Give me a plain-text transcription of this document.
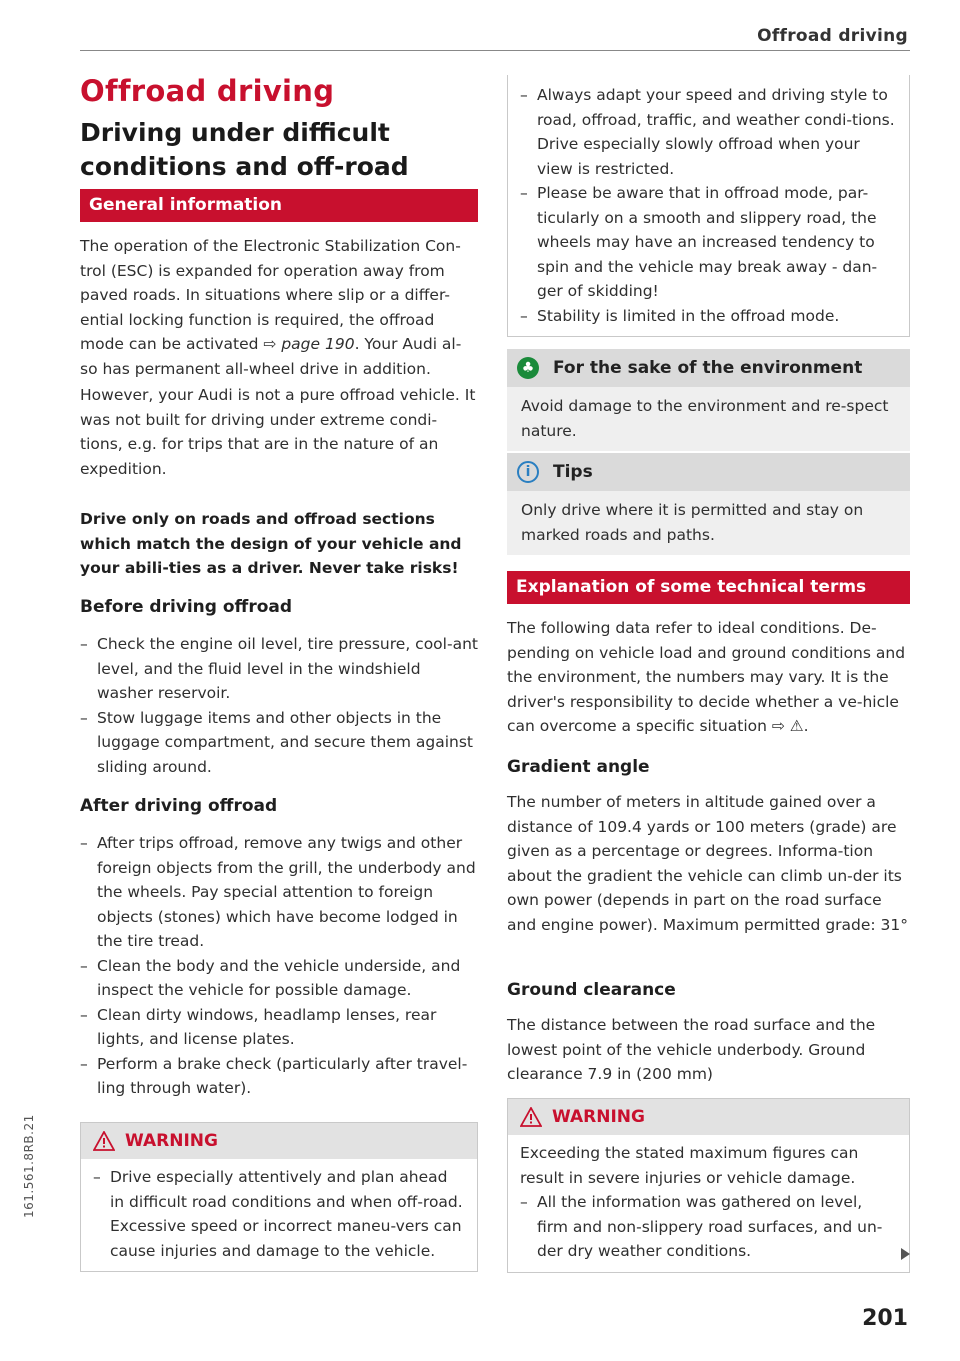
Offroad driving
Offroad driving
Driving under difficult
conditions and off-road
General information

The operation of the Electronic Stabilization Con-trol (ESC) is expanded for operation away from paved roads. In situations where slip or a differ-ential locking function is required, the offroad mode can be activated ⇨ page 190. Your Audi al-so has permanent all-wheel drive in addition.

However, your Audi is not a pure offroad vehicle. It was not built for driving under extreme condi-tions, e.g. for trips that are in the nature of an expedition.

Drive only on roads and offroad sections which match the design of your vehicle and your abili-ties as a driver. Never take risks!

Before driving offroad
– Check the engine oil level, tire pressure, cool-ant level, and the fluid level in the windshield washer reservoir.
– Stow luggage items and other objects in the luggage compartment, and secure them against sliding around.
After driving offroad
– After trips offroad, remove any twigs and other foreign objects from the grill, the underbody and the wheels. Pay special attention to foreign objects (stones) which have become lodged in the tire tread.
– Clean the body and the vehicle underside, and inspect the vehicle for possible damage.
– Clean dirty windows, headlamp lenses, rear lights, and license plates.
– Perform a brake check (particularly after travel-ling through water).
WARNING
– Drive especially attentively and plan ahead in difficult road conditions and when off-road. Excessive speed or incorrect maneu-vers can cause injuries and damage to the vehicle.
– Always adapt your speed and driving style to road, offroad, traffic, and weather condi-tions. Drive especially slowly offroad when your view is restricted.
– Please be aware that in offroad mode, par-ticularly on a smooth and slippery road, the wheels may have an increased tendency to spin and the vehicle may break away - dan-ger of skidding!
– Stability is limited in the offroad mode.
♣ For the sake of the environment
Avoid damage to the environment and re-spect nature.
i	Tips
Only drive where it is permitted and stay on marked roads and paths.
Explanation of some technical terms

The following data refer to ideal conditions. De-pending on vehicle load and ground conditions and the environment, the numbers may vary. It is the driver's responsibility to decide whether a ve-hicle can overcome a specific situation ⇨ ⚠.

Gradient angle

The number of meters in altitude gained over a distance of 109.4 yards or 100 meters (grade) are given as a percentage or degrees. Informa-tion about the gradient the vehicle can climb un-der its own power (depends in part on the road surface and engine power). Maximum permitted grade: 31°

Ground clearance

The distance between the road surface and the lowest point of the vehicle underbody. Ground clearance 7.9 in (200 mm)

WARNING

Exceeding the stated maximum figures can result in severe injuries or vehicle damage.

– All the information was gathered on level, firm and non-slippery road surfaces, and un-der dry weather conditions.
201
161.561.8RB.21
